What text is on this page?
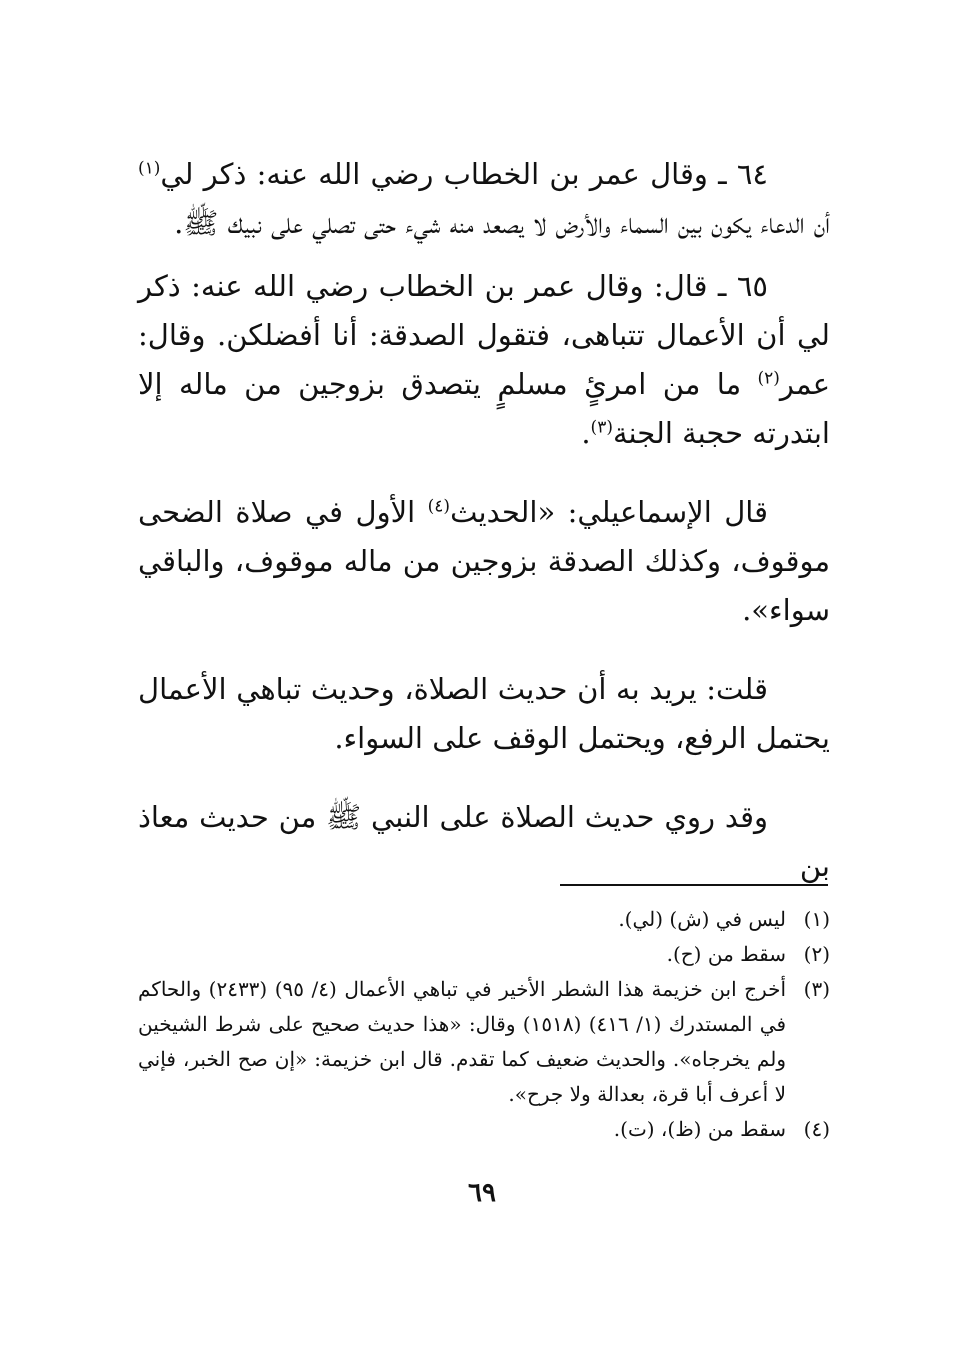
٦٤ ـ وقال عمر بن الخطاب رضي الله عنه: ذكر لي$^{(١)}$ أن الدعاء يكون بين السماء والأرض لا يصعد منه شيء حتى تصلي على نبيك ﷺ.

٦٥ ـ قال: وقال عمر بن الخطاب رضي الله عنه: ذكر لي أن الأعمال تتباهى، فتقول الصدقة: أنا أفضلكن. وقال: عمر$^{(٢)}$ ما من امرئٍ مسلمٍ يتصدق بزوجين من ماله إلا ابتدرته حجبة الجنة$^{(٣)}$.

قال الإسماعيلي: «الحديث$^{(٤)}$ الأول في صلاة الضحى موقوف، وكذلك الصدقة بزوجين من ماله موقوف، والباقي سواء».

قلت: يريد به أن حديث الصلاة، وحديث تباهي الأعمال يحتمل الرفع، ويحتمل الوقف على السواء.

وقد روي حديث الصلاة على النبي ﷺ من حديث معاذ بن

(١)
ليس في (ش) (لي).
(٢)
سقط من (ح).
(٣)
أخرج ابن خزيمة هذا الشطر الأخير في تباهي الأعمال (٤/ ٩٥) (٢٤٣٣) والحاكم في المستدرك (١/ ٤١٦) (١٥١٨) وقال: «هذا حديث صحيح على شرط الشيخين ولم يخرجاه». والحديث ضعيف كما تقدم. قال ابن خزيمة: «إن صح الخبر، فإني لا أعرف أبا قرة، بعدالة ولا جرح».
(٤)
سقط من (ظ)، (ت).
٦٩
